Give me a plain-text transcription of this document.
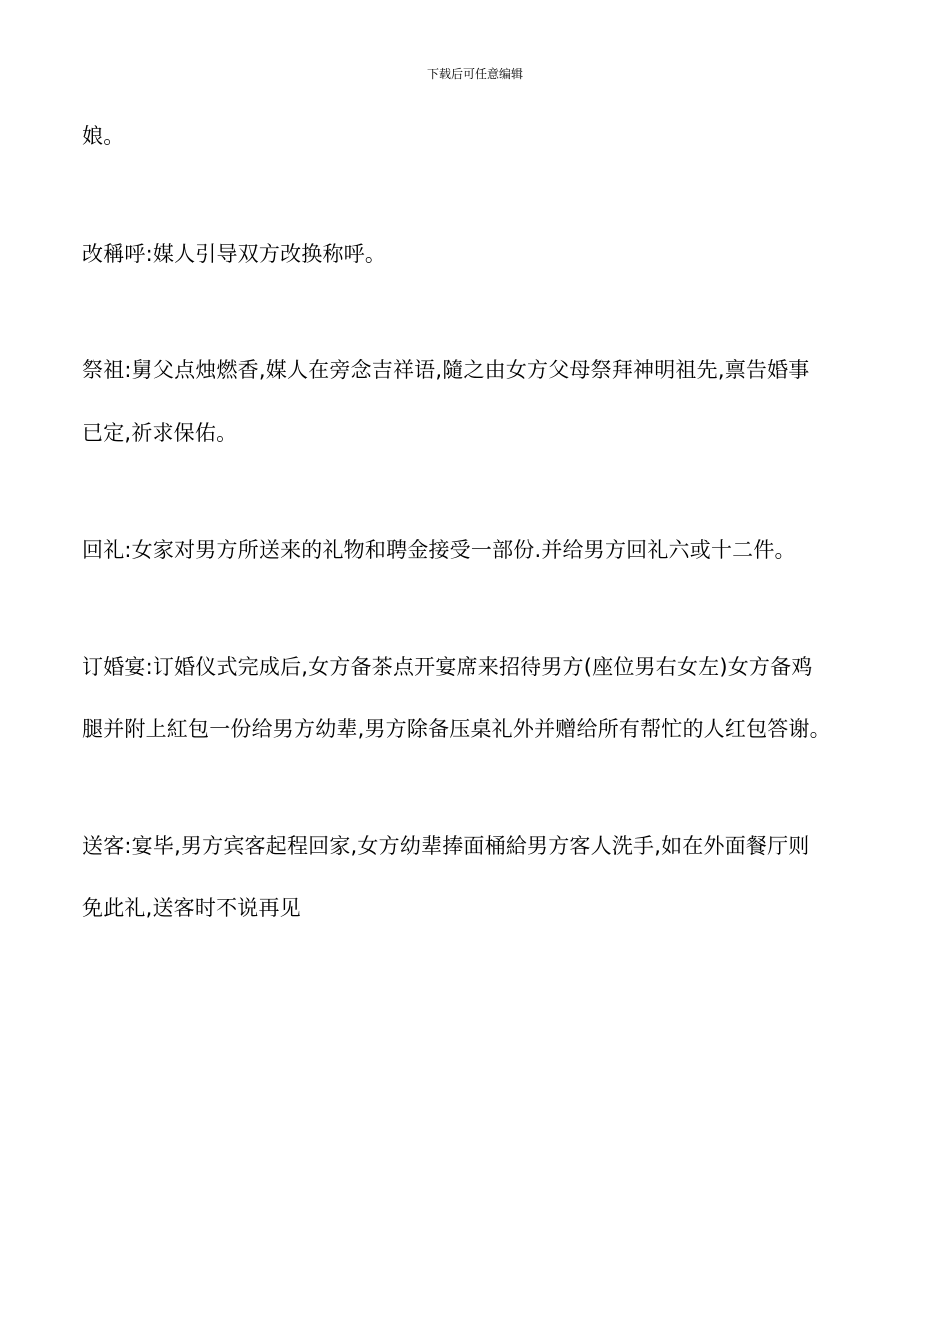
下载后可任意编辑
娘。
改稱呼:媒人引导双方改换称呼。
祭祖:舅父点烛燃香,媒人在旁念吉祥语,隨之由女方父母祭拜神明祖先,禀告婚事
已定,祈求保佑。
回礼:女家对男方所送来的礼物和聘金接受一部份.并给男方回礼六或十二件。
订婚宴:订婚仪式完成后,女方备茶点开宴席来招待男方(座位男右女左)女方备鸡
腿并附上紅包一份给男方幼辈,男方除备压桌礼外并赠给所有帮忙的人红包答谢。
送客:宴毕,男方宾客起程回家,女方幼辈捧面桶給男方客人洗手,如在外面餐厅则
免此礼,送客时不说再见
